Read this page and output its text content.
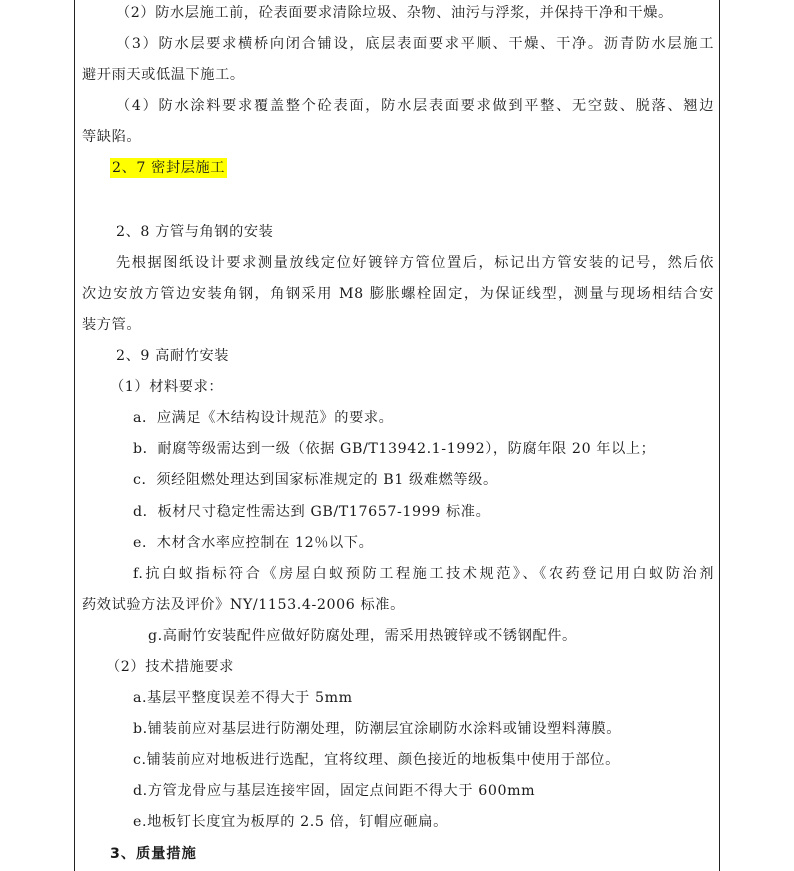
（2）防水层施工前，砼表面要求清除垃圾、杂物、油污与浮浆，并保持干净和干燥。
（3）防水层要求横桥向闭合铺设，底层表面要求平顺、干燥、干净。沥青防水层施工
避开雨天或低温下施工。
（4）防水涂料要求覆盖整个砼表面，防水层表面要求做到平整、无空鼓、脱落、翘边
等缺陷。
2、7 密封层施工
2、8 方管与角钢的安装
先根据图纸设计要求测量放线定位好镀锌方管位置后，标记出方管安装的记号，然后依
次边安放方管边安装角钢，角钢采用 M8 膨胀螺栓固定，为保证线型，测量与现场相结合安
装方管。
2、9 高耐竹安装
（1）材料要求：
a．应满足《木结构设计规范》的要求。
b．耐腐等级需达到一级（依据 GB/T13942.1-1992），防腐年限 20 年以上；
c．须经阻燃处理达到国家标准规定的 B1 级难燃等级。
d．板材尺寸稳定性需达到 GB/T17657-1999 标准。
e．木材含水率应控制在 12％以下。
f.抗白蚁指标符合《房屋白蚁预防工程施工技术规范》、《农药登记用白蚁防治剂
药效试验方法及评价》NY/1153.4-2006 标准。
g.高耐竹安装配件应做好防腐处理，需采用热镀锌或不锈钢配件。
（2）技术措施要求
a.基层平整度误差不得大于 5mm
b.铺装前应对基层进行防潮处理，防潮层宜涂刷防水涂料或铺设塑料薄膜。
c.铺装前应对地板进行选配，宜将纹理、颜色接近的地板集中使用于部位。
d.方管龙骨应与基层连接牢固，固定点间距不得大于 600mm
e.地板钉长度宜为板厚的 2.5 倍，钉帽应砸扁。
3、质量措施
